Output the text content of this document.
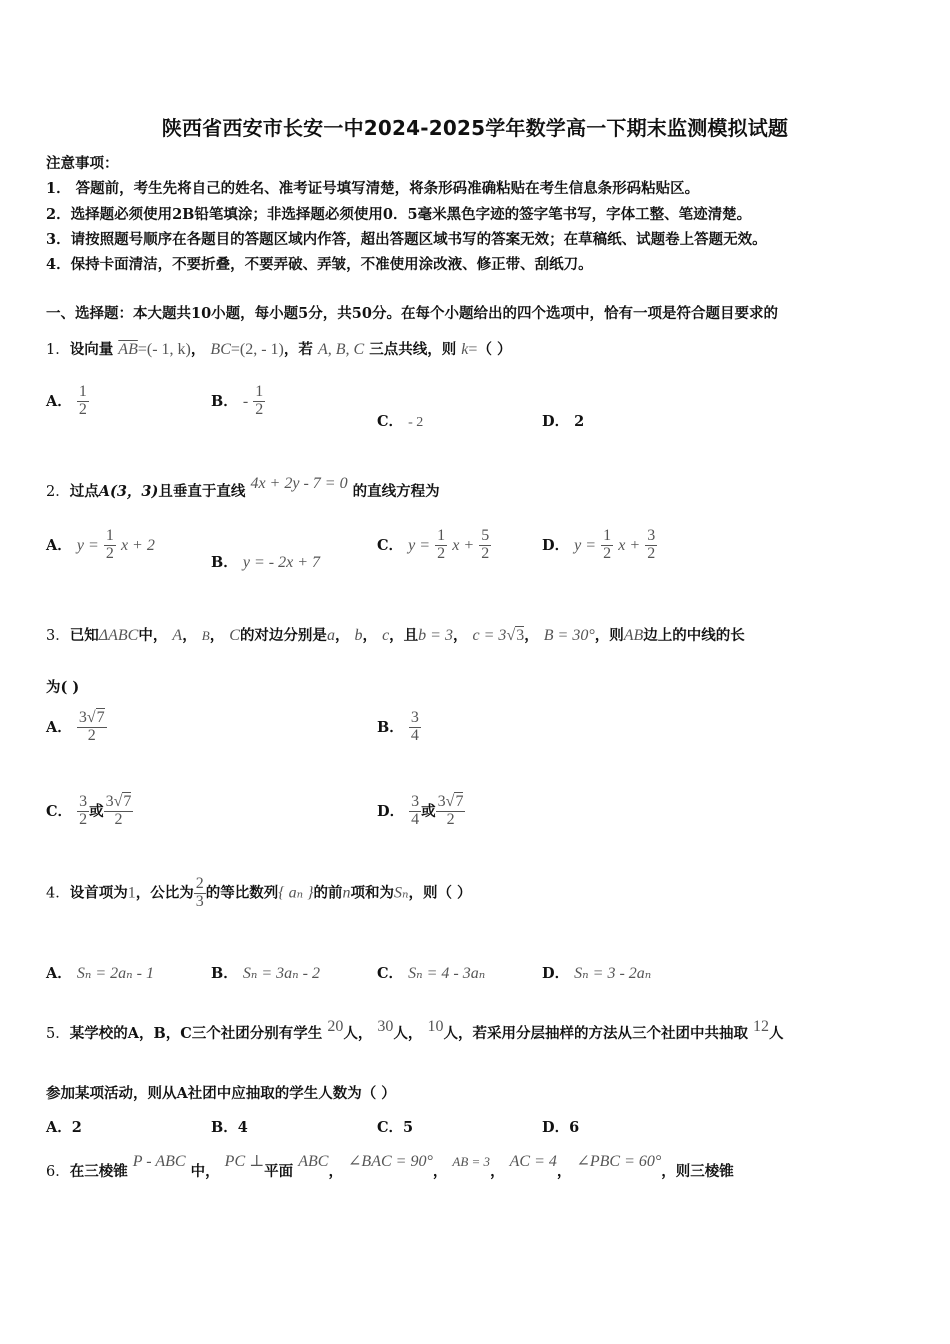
陕西省西安市长安一中2024-2025学年数学高一下期末监测模拟试题
注意事项：
1． 答题前，考生先将自己的姓名、准考证号填写清楚，将条形码准确粘贴在考生信息条形码粘贴区。
2．选择题必须使用2B铅笔填涂；非选择题必须使用0．5毫米黑色字迹的签字笔书写，字体工整、笔迹清楚。
3．请按照题号顺序在各题目的答题区域内作答，超出答题区域书写的答案无效；在草稿纸、试题卷上答题无效。
4．保持卡面清洁，不要折叠，不要弄破、弄皱，不准使用涂改液、修正带、刮纸刀。
一、选择题：本大题共10小题，每小题5分，共50分。在每个小题给出的四个选项中，恰有一项是符合题目要求的
1．设向量 $\overline{AB}=(-$ 1, k)， BC=(2, - 1)，若 A, B, C 三点共线，则 k=（ ）
A． $\frac{1}{2}$	B． - $\frac{1}{2}$
C． - 2	D． 2
2．过点A(3，3)且垂直于直线 4x + 2y - 7 = 0 的直线方程为
A． $y = \frac{1}{2}$ x + 2
B． y = - 2x + 7
C． $y = \frac{1}{2}$ $x + \frac{5}{2}$	D． $y = \frac{1}{2}$ $x + \frac{3}{2}$
3．已知ΔABC中， A， B， C的对边分别是a， b， c，且b = 3， c = 3√3， B = 30°，则AB边上的中线的长
为( )
A． $\frac{3√7}{2}$	B． $\frac{3}{4}$
C． $\frac{3}{2}$ 或 $\frac{3√7}{2}$	D． $\frac{3}{4}$ 或 $\frac{3√7}{2}$
4．设首项为1，公比为 $\frac{2}{3}$ 的等比数列{ aₙ }的前n项和为Sₙ，则（ ）
A． Sₙ = 2aₙ - 1	B． Sₙ = 3aₙ - 2	C． Sₙ = 4 - 3aₙ	D． Sₙ = 3 - 2aₙ
5．某学校的A，B，C三个社团分别有学生 20人， 30人， 10人，若采用分层抽样的方法从三个社团中共抽取 12人
参加某项活动，则从A社团中应抽取的学生人数为（ ）
A．2	B．4	C．5	D．6
6．在三棱锥 P - ABC 中， PC ⊥平面 ABC， ∠BAC = 90°， AB = 3， AC = 4， ∠PBC = 60°，则三棱锥
